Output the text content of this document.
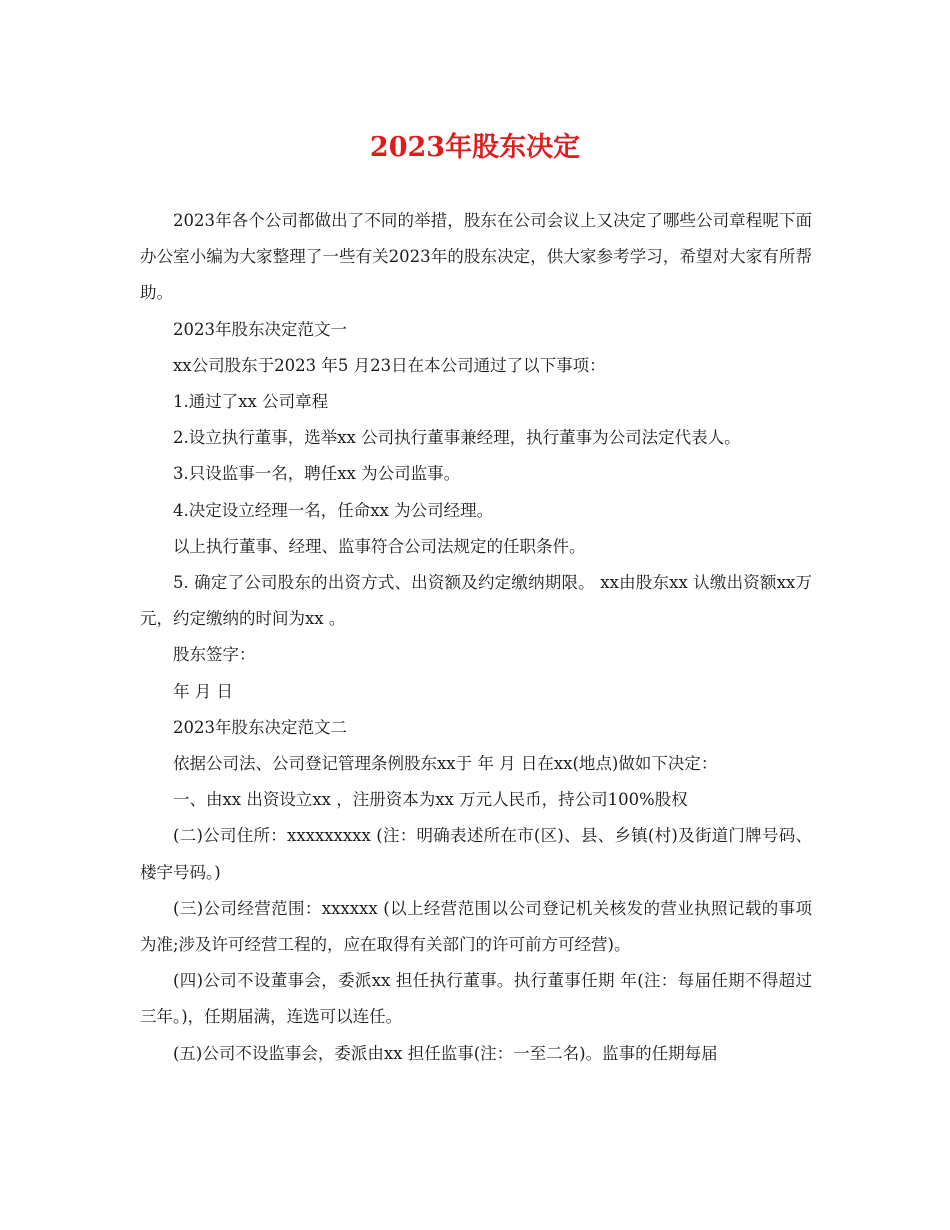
2023年股东决定

2023年各个公司都做出了不同的举措，股东在公司会议上又决定了哪些公司章程呢下面办公室小编为大家整理了一些有关2023年的股东决定，供大家参考学习，希望对大家有所帮助。

2023年股东决定范文一

xx公司股东于2023 年5 月23日在本公司通过了以下事项：

1.通过了xx 公司章程

2.设立执行董事，选举xx 公司执行董事兼经理，执行董事为公司法定代表人。

3.只设监事一名，聘任xx 为公司监事。

4.决定设立经理一名，任命xx 为公司经理。

以上执行董事、经理、监事符合公司法规定的任职条件。

5. 确定了公司股东的出资方式、出资额及约定缴纳期限。 xx由股东xx 认缴出资额xx万元，约定缴纳的时间为xx 。

股东签字：

年 月 日

2023年股东决定范文二

依据公司法、公司登记管理条例股东xx于 年 月 日在xx(地点)做如下决定：

一、由xx 出资设立xx ，注册资本为xx 万元人民币，持公司100%股权

(二)公司住所：xxxxxxxxx (注：明确表述所在市(区)、县、乡镇(村)及街道门牌号码、楼宇号码。)

(三)公司经营范围：xxxxxx (以上经营范围以公司登记机关核发的营业执照记载的事项为准;涉及许可经营工程的，应在取得有关部门的许可前方可经营)。

(四)公司不设董事会，委派xx 担任执行董事。执行董事任期 年(注：每届任期不得超过三年。)，任期届满，连选可以连任。

(五)公司不设监事会，委派由xx 担任监事(注：一至二名)。监事的任期每届
